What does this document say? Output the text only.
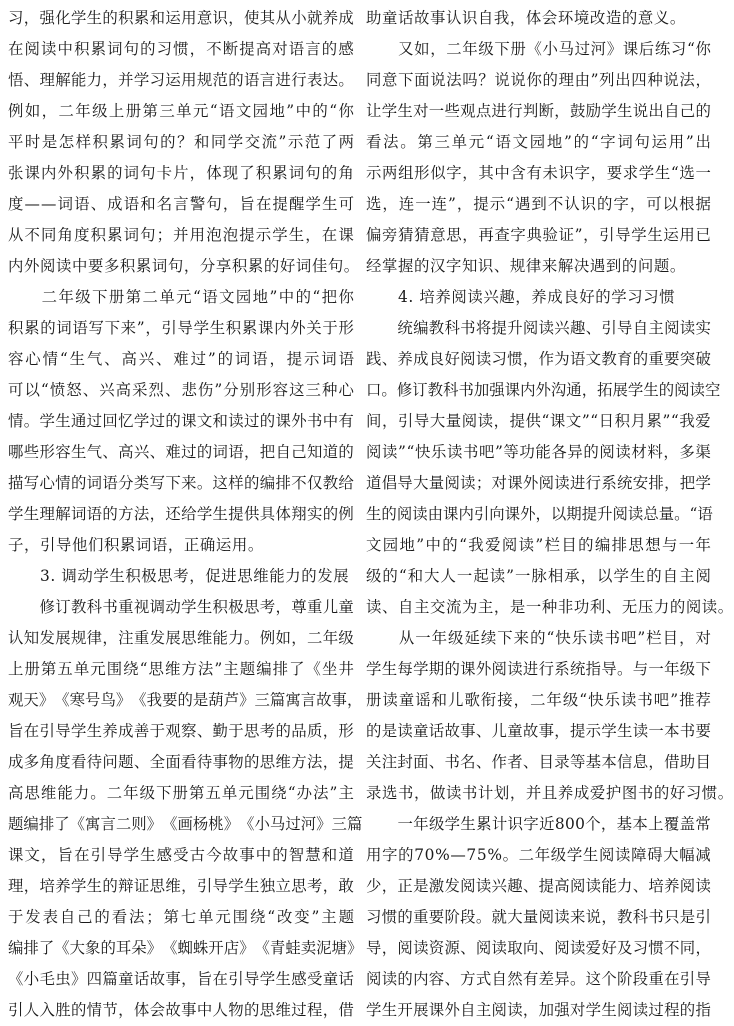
习 ， 强 化 学 生 的 积 累 和 运 用 意 识 ， 使 其 从 小 就 养 成
在 阅 读 中 积 累 词 句 的 习 惯 ， 不 断 提 高 对 语 言 的 感
悟 、 理 解 能 力 ， 并 学 习 运 用 规 范 的 语 言 进 行 表 达 。
例 如 ， 二 年 级 上 册 第 三 单 元 “ 语 文 园 地 ” 中 的 “ 你
平 时 是 怎 样 积 累 词 句 的 ？ 和 同 学 交 流 ” 示 范 了 两
张 课 内 外 积 累 的 词 句 卡 片 ， 体 现 了 积 累 词 句 的 角
度 — — 词 语 、 成 语 和 名 言 警 句 ， 旨 在 提 醒 学 生 可
从 不 同 角 度 积 累 词 句 ； 并 用 泡 泡 提 示 学 生 ， 在 课
内外阅读中要多积累词句，分享积累的好词佳句。

二 年 级 下 册 第 二 单 元 “ 语 文 园 地 ” 中 的 “ 把 你
积 累 的 词 语 写 下 来 ” ， 引 导 学 生 积 累 课 内 外 关 于 形
容 心 情 “ 生 气 、 高 兴 、 难 过 ” 的 词 语 ， 提 示 词 语
可 以 “ 愤 怒 、 兴 高 采 烈 、 悲 伤 ” 分 别 形 容 这 三 种 心
情 。 学 生 通 过 回 忆 学 过 的 课 文 和 读 过 的 课 外 书 中 有
哪 些 形 容 生 气 、 高 兴 、 难 过 的 词 语 ， 把 自 己 知 道 的
描 写 心 情 的 词 语 分 类 写 下 来 。 这 样 的 编 排 不 仅 教 给
学 生 理 解 词 语 的 方 法 ， 还 给 学 生 提 供 具 体 翔 实 的 例
子，引导他们积累词语，正确运用。
　　3. 调动学生积极思考，促进思维能力的发展

修 订 教 科 书 重 视 调 动 学 生 积 极 思 考 ， 尊 重 儿 童
认 知 发 展 规 律 ， 注 重 发 展 思 维 能 力 。 例 如 ， 二 年 级
上 册 第 五 单 元 围 绕 “ 思 维 方 法 ” 主 题 编 排 了 《 坐 井
观 天 》 《 寒 号 鸟 》 《 我 要 的 是 葫 芦 》 三 篇 寓 言 故 事 ，
旨 在 引 导 学 生 养 成 善 于 观 察 、 勤 于 思 考 的 品 质 ， 形
成 多 角 度 看 待 问 题 、 全 面 看 待 事 物 的 思 维 方 法 ， 提
高 思 维 能 力 。 二 年 级 下 册 第 五 单 元 围 绕 “ 办 法 ” 主
题 编 排 了 《 寓 言 二 则 》 《 画 杨 桃 》 《 小 马 过 河 》 三 篇
课 文 ， 旨 在 引 导 学 生 感 受 古 今 故 事 中 的 智 慧 和 道
理 ， 培 养 学 生 的 辩 证 思 维 ， 引 导 学 生 独 立 思 考 ， 敢
于 发 表 自 己 的 看 法 ； 第 七 单 元 围 绕 “ 改 变 ” 主 题
编 排 了 《 大 象 的 耳 朵 》 《 蜘 蛛 开 店 》 《 青 蛙 卖 泥 塘 》
《 小 毛 虫 》 四 篇 童 话 故 事 ， 旨 在 引 导 学 生 感 受 童 话
引 人 入 胜 的 情 节 ， 体 会 故 事 中 人 物 的 思 维 过 程 ， 借
助童话故事认识自我，体会环境改造的意义。

又 如 ， 二 年 级 下 册 《 小 马 过 河 》 课 后 练 习 “ 你
同 意 下 面 说 法 吗 ？ 说 说 你 的 理 由 ” 列 出 四 种 说 法 ，
让 学 生 对 一 些 观 点 进 行 判 断 ， 鼓 励 学 生 说 出 自 己 的
看 法 。 第 三 单 元 “ 语 文 园 地 ” 的 “ 字 词 句 运 用 ” 出
示 两 组 形 似 字 ， 其 中 含 有 未 识 字 ， 要 求 学 生 “ 选 一
选 ， 连 一 连 ” ， 提 示 “ 遇 到 不 认 识 的 字 ， 可 以 根 据
偏 旁 猜 猜 意 思 ， 再 查 字 典 验 证 ” ， 引 导 学 生 运 用 已
经掌握的汉字知识、规律来解决遇到的问题。
　　4. 培养阅读兴趣，养成良好的学习习惯

统 编 教 科 书 将 提 升 阅 读 兴 趣 、 引 导 自 主 阅 读 实
践 、 养 成 良 好 阅 读 习 惯 ， 作 为 语 文 教 育 的 重 要 突 破
口 。 修 订 教 科 书 加 强 课 内 外 沟 通 ， 拓 展 学 生 的 阅 读 空
间 ， 引 导 大 量 阅 读 ， 提 供 “ 课 文 ” “ 日 积 月 累 ” “ 我 爱
阅 读 ” “ 快 乐 读 书 吧 ” 等 功 能 各 异 的 阅 读 材 料 ， 多 渠
道 倡 导 大 量 阅 读 ； 对 课 外 阅 读 进 行 系 统 安 排 ， 把 学
生 的 阅 读 由 课 内 引 向 课 外 ， 以 期 提 升 阅 读 总 量 。 “ 语
文 园 地 ” 中 的 “ 我 爱 阅 读 ” 栏 目 的 编 排 思 想 与 一 年
级 的 “ 和 大 人 一 起 读 ” 一 脉 相 承 ， 以 学 生 的 自 主 阅
读、自主交流为主，是一种非功利、无压力的阅读。

从 一 年 级 延 续 下 来 的 “ 快 乐 读 书 吧 ” 栏 目 ， 对
学 生 每 学 期 的 课 外 阅 读 进 行 系 统 指 导 。 与 一 年 级 下
册 读 童 谣 和 儿 歌 衔 接 ， 二 年 级 “ 快 乐 读 书 吧 ” 推 荐
的 是 读 童 话 故 事 、 儿 童 故 事 ， 提 示 学 生 读 一 本 书 要
关 注 封 面 、 书 名 、 作 者 、 目 录 等 基 本 信 息 ， 借 助 目
录选书，做读书计划，并且养成爱护图书的好习惯。

一 年 级 学 生 累 计 识 字 近 8 0 0 个 ， 基 本 上 覆 盖 常
用 字 的 7 0 % — 7 5 % 。 二 年 级 学 生 阅 读 障 碍 大 幅 减
少 ， 正 是 激 发 阅 读 兴 趣 、 提 高 阅 读 能 力 、 培 养 阅 读
习 惯 的 重 要 阶 段 。 就 大 量 阅 读 来 说 ， 教 科 书 只 是 引
导 ， 阅 读 资 源 、 阅 读 取 向 、 阅 读 爱 好 及 习 惯 不 同 ，
阅 读 的 内 容 、 方 式 自 然 有 差 异 。 这 个 阶 段 重 在 引 导
学 生 开 展 课 外 自 主 阅 读 ， 加 强 对 学 生 阅 读 过 程 的 指
